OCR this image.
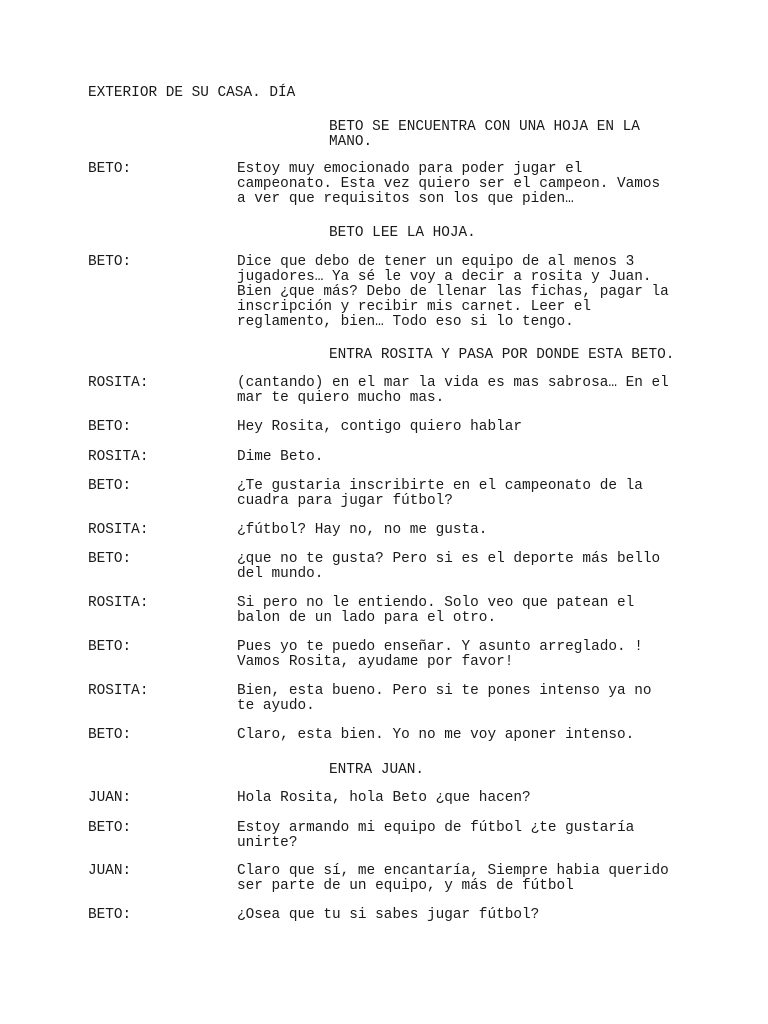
EXTERIOR DE SU CASA. DÍA
BETO SE ENCUENTRA CON UNA HOJA EN LA
MANO.
BETO:	Estoy muy emocionado para poder jugar el
campeonato. Esta vez quiero ser el campeon. Vamos
a ver que requisitos son los que piden…
BETO LEE LA HOJA.
BETO:	Dice que debo de tener un equipo de al menos 3
jugadores… Ya sé le voy a decir a rosita y Juan.
Bien ¿que más? Debo de llenar las fichas, pagar la
inscripción y recibir mis carnet. Leer el
reglamento, bien… Todo eso si lo tengo.
ENTRA ROSITA Y PASA POR DONDE ESTA BETO.
ROSITA:	(cantando) en el mar la vida es mas sabrosa… En el
mar te quiero mucho mas.
BETO:	Hey Rosita, contigo quiero hablar
ROSITA:	Dime Beto.
BETO:	¿Te gustaria inscribirte en el campeonato de la
cuadra para jugar fútbol?
ROSITA:	¿fútbol? Hay no, no me gusta.
BETO:	¿que no te gusta? Pero si es el deporte más bello
del mundo.
ROSITA:	Si pero no le entiendo. Solo veo que patean el
balon de un lado para el otro.
BETO:	Pues yo te puedo enseñar. Y asunto arreglado. !
Vamos Rosita, ayudame por favor!
ROSITA:	Bien, esta bueno. Pero si te pones intenso ya no
te ayudo.
BETO:	Claro, esta bien. Yo no me voy aponer intenso.
ENTRA JUAN.
JUAN:	Hola Rosita, hola Beto ¿que hacen?
BETO:	Estoy armando mi equipo de fútbol ¿te gustaría
unirte?
JUAN:	Claro que sí, me encantaría, Siempre habia querido
ser parte de un equipo, y más de fútbol
BETO:	¿Osea que tu si sabes jugar fútbol?
